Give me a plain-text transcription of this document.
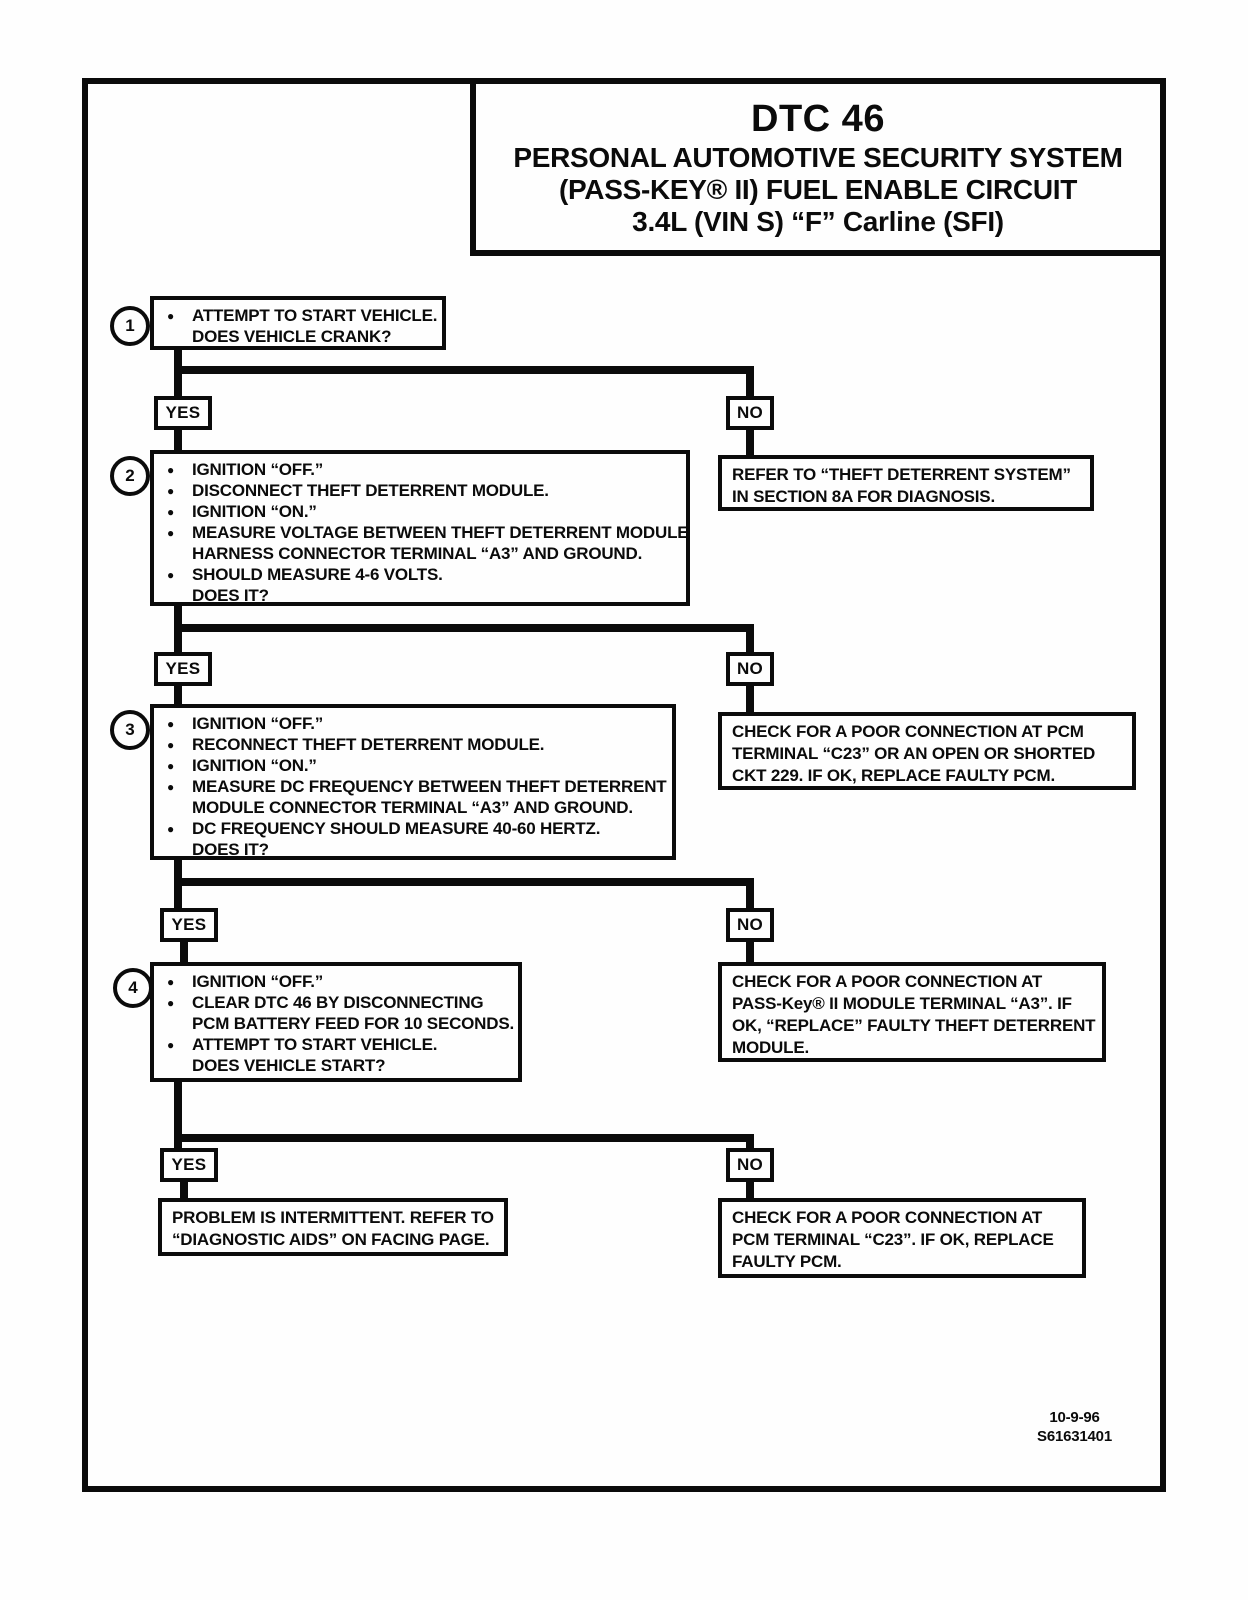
DTC 46
PERSONAL AUTOMOTIVE SECURITY SYSTEM
(PASS-KEY® II) FUEL ENABLE CIRCUIT
3.4L (VIN S) “F” Carline (SFI)
1
● ATTEMPT TO START VEHICLE.
DOES VEHICLE CRANK?
YES	NO
REFER TO “THEFT DETERRENT SYSTEM”
IN SECTION 8A FOR DIAGNOSIS.
2	● IGNITION “OFF.”
● DISCONNECT THEFT DETERRENT MODULE.
● IGNITION “ON.”
● MEASURE VOLTAGE BETWEEN THEFT DETERRENT MODULE
HARNESS CONNECTOR TERMINAL “A3” AND GROUND.
● SHOULD MEASURE 4-6 VOLTS.
DOES IT?
YES	NO
CHECK FOR A POOR CONNECTION AT PCM
TERMINAL “C23” OR AN OPEN OR SHORTED
CKT 229. IF OK, REPLACE FAULTY PCM.
3	● IGNITION “OFF.”
● RECONNECT THEFT DETERRENT MODULE.
● IGNITION “ON.”
● MEASURE DC FREQUENCY BETWEEN THEFT DETERRENT
MODULE CONNECTOR TERMINAL “A3” AND GROUND.
● DC FREQUENCY SHOULD MEASURE 40-60 HERTZ.
DOES IT?
YES	NO
CHECK FOR A POOR CONNECTION AT
PASS-Key® II MODULE TERMINAL “A3”. IF
OK, “REPLACE” FAULTY THEFT DETERRENT
MODULE.
4	● IGNITION “OFF.”
● CLEAR DTC 46 BY DISCONNECTING
PCM BATTERY FEED FOR 10 SECONDS.
● ATTEMPT TO START VEHICLE.
DOES VEHICLE START?
YES	NO
PROBLEM IS INTERMITTENT. REFER TO
“DIAGNOSTIC AIDS” ON FACING PAGE.
CHECK FOR A POOR CONNECTION AT
PCM TERMINAL “C23”. IF OK, REPLACE
FAULTY PCM.
10-9-96
S61631401
